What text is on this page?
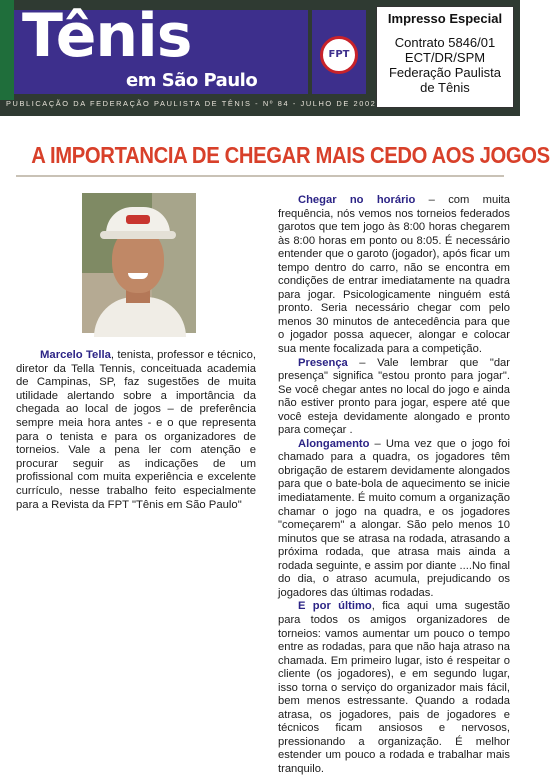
Tênis
em São Paulo
FPT
Impresso Especial
Contrato 5846/01
ECT/DR/SPM
Federação Paulista
de Tênis
PUBLICAÇÃO DA FEDERAÇÃO PAULISTA DE TÊNIS - Nº 84 - JULHO DE 2002
A IMPORTANCIA DE CHEGAR MAIS CEDO AOS JOGOS

Marcelo Tella, tenista, professor e técnico, diretor da Tella Tennis, conceituada academia de Campinas, SP, faz sugestões de muita utilidade alertando sobre a importância da chegada ao local de jogos – de preferência sempre meia hora antes - e o que representa para o tenista e para os organizadores de torneios. Vale a pena ler com atenção e procurar seguir as indicações de um profissional com muita experiência e excelente currículo, nesse trabalho feito especialmente para a Revista da FPT "Tênis em São Paulo"

Chegar no horário – com muita frequência, nós vemos nos torneios federados garotos que tem jogo às 8:00 horas chegarem às 8:00 horas em ponto ou 8:05. É necessário entender que o garoto (jogador), após ficar um tempo dentro do carro, não se encontra em condições de entrar imediatamente na quadra para jogar. Psicologicamente ninguém está pronto. Seria necessário chegar com pelo menos 30 minutos de antecedência para que o jogador possa aquecer, alongar e colocar sua mente focalizada para a competição.

Presença – Vale lembrar que "dar presença" significa "estou pronto para jogar". Se você chegar antes no local do jogo e ainda não estiver pronto para jogar, espere até que você esteja devidamente alongado e pronto para começar .

Alongamento – Uma vez que o jogo foi chamado para a quadra, os jogadores têm obrigação de estarem devidamente alongados para que o bate-bola de aquecimento se inicie imediatamente. É muito comum a organização chamar o jogo na quadra, e os jogadores "começarem" a alongar. São pelo menos 10 minutos que se atrasa na rodada, atrasando a próxima rodada, que atrasa mais ainda a rodada seguinte, e assim por diante ....No final do dia, o atraso acumula, prejudicando os jogadores das últimas rodadas.

E por último, fica aqui uma sugestão para todos os amigos organizadores de torneios: vamos aumentar um pouco o tempo entre as rodadas, para que não haja atraso na chamada. Em primeiro lugar, isto é respeitar o cliente (os jogadores), e em segundo lugar, isso torna o serviço do organizador mais fácil, bem menos estressante. Quando a rodada atrasa, os jogadores, pais de jogadores e técnicos ficam ansiosos e nervosos, pressionando a organização. É melhor estender um pouco a rodada e trabalhar mais tranquilo.
